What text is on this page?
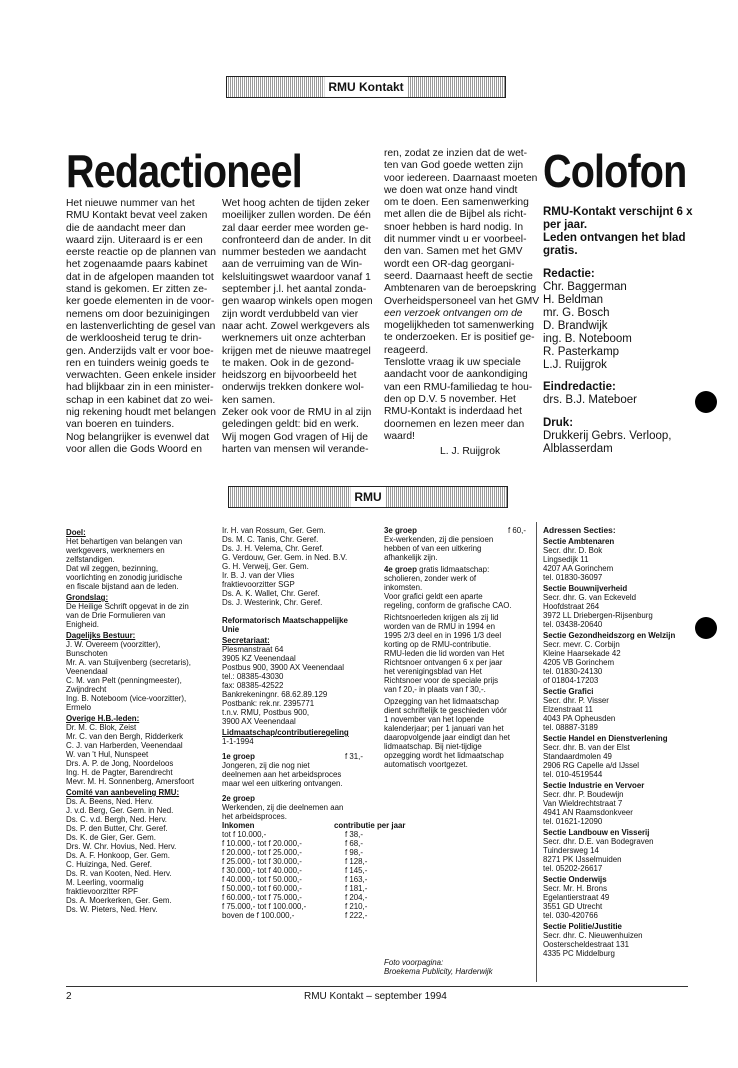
RMU Kontakt
Redactioneel

Het nieuwe nummer van het

RMU Kontakt bevat veel zaken

die de aandacht meer dan

waard zijn. Uiteraard is er een

eerste reactie op de plannen van

het zogenaamde paars kabinet

dat in de afgelopen maanden tot

stand is gekomen. Er zitten ze-

ker goede elementen in de voor-

nemens om door bezuinigingen

en lastenverlichting de gesel van

de werkloosheid terug te drin-

gen. Anderzijds valt er voor boe-

ren en tuinders weinig goeds te

verwachten. Geen enkele insider

had blijkbaar zin in een minister-

schap in een kabinet dat zo wei-

nig rekening houdt met belangen

van boeren en tuinders.

Nog belangrijker is evenwel dat

voor allen die Gods Woord en

Wet hoog achten de tijden zeker

moeilijker zullen worden. De één

zal daar eerder mee worden ge-

confronteerd dan de ander. In dit

nummer besteden we aandacht

aan de verruiming van de Win-

kelsluitingswet waardoor vanaf 1

september j.l. het aantal zonda-

gen waarop winkels open mogen

zijn wordt verdubbeld van vier

naar acht. Zowel werkgevers als

werknemers uit onze achterban

krijgen met de nieuwe maatregel

te maken. Ook in de gezond-

heidszorg en bijvoorbeeld het

onderwijs trekken donkere wol-

ken samen.

Zeker ook voor de RMU in al zijn

geledingen geldt: bid en werk.

Wij mogen God vragen of Hij de

harten van mensen wil verande-

ren, zodat ze inzien dat de wet-

ten van God goede wetten zijn

voor iedereen. Daarnaast moeten

we doen wat onze hand vindt

om te doen. Een samenwerking

met allen die de Bijbel als richt-

snoer hebben is hard nodig. In

dit nummer vindt u er voorbeel-

den van. Samen met het GMV

wordt een OR-dag georgani-

seerd. Daarnaast heeft de sectie

Ambtenaren van de beroepskring

Overheidspersoneel van het GMV

een verzoek ontvangen om de

mogelijkheden tot samenwerking

te onderzoeken. Er is positief ge-

reageerd.

Tenslotte vraag ik uw speciale

aandacht voor de aankondiging

van een RMU-familiedag te hou-

den op D.V. 5 november. Het

RMU-Kontakt is inderdaad het

doornemen en lezen meer dan

waard!

L. J. Ruijgrok
Colofon

RMU-Kontakt verschijnt 6 x

per jaar.

Leden ontvangen het blad

gratis.

Redactie:

Chr. Baggerman

H. Beldman

mr. G. Bosch

D. Brandwijk

ing. B. Noteboom

R. Pasterkamp

L.J. Ruijgrok

Eindredactie:

drs. B.J. Mateboer

Druk:

Drukkerij Gebrs. Verloop,

Alblasserdam

RMU

Doel:

Het behartigen van belangen van

werkgevers, werknemers en

zelfstandigen.

Dat wil zeggen, bezinning,

voorlichting en zonodig juridische

en fiscale bijstand aan de leden.

Grondslag:

De Heilige Schrift opgevat in de zin

van de Drie Formulieren van

Enigheid.

Dagelijks Bestuur:

J. W. Overeem (voorzitter),

Bunschoten

Mr. A. van Stuijvenberg (secretaris),

Veenendaal

C. M. van Pelt (penningmeester),

Zwijndrecht

Ing. B. Noteboom (vice-voorzitter),

Ermelo

Overige H.B.-leden:

Dr. M. C. Blok, Zeist

Mr. C. van den Bergh, Ridderkerk

C. J. van Harberden, Veenendaal

W. van 't Hul, Nunspeet

Drs. A. P. de Jong, Noordeloos

Ing. H. de Pagter, Barendrecht

Mevr. M. H. Sonnenberg, Amersfoort

Comité van aanbeveling RMU:

Ds. A. Beens, Ned. Herv.

J. v.d. Berg, Ger. Gem. in Ned.

Ds. C. v.d. Bergh, Ned. Herv.

Ds. P. den Butter, Chr. Geref.

Ds. K. de Gier, Ger. Gem.

Drs. W. Chr. Hovius, Ned. Herv.

Ds. A. F. Honkoop, Ger. Gem.

C. Huizinga, Ned. Geref.

Ds. R. van Kooten, Ned. Herv.

M. Leerling, voormalig

fraktievoorzitter RPF

Ds. A. Moerkerken, Ger. Gem.

Ds. W. Pieters, Ned. Herv.

Ir. H. van Rossum, Ger. Gem.

Ds. M. C. Tanis, Chr. Geref.

Ds. J. H. Velema, Chr. Geref.

G. Verdouw, Ger. Gem. in Ned. B.V.

G. H. Verweij, Ger. Gem.

Ir. B. J. van der Vlies

fraktievoorzitter SGP

Ds. A. K. Wallet, Chr. Geref.

Ds. J. Westerink, Chr. Geref.

Reformatorisch Maatschappelijke

Unie

Secretariaat:

Plesmanstraat 64

3905 KZ Veenendaal

Postbus 900, 3900 AX Veenendaal

tel.: 08385-43030

fax: 08385-42522

Bankrekeningnr. 68.62.89.129

Postbank: rek.nr. 2395771

t.n.v. RMU, Postbus 900,

3900 AX Veenendaal

Lidmaatschap/contributieregeling

1-1-1994

1e groep	f 31,-

Jongeren, zij die nog niet

deelnemen aan het arbeidsproces

maar wel een uitkering ontvangen.

2e groep

Werkenden, zij die deelnemen aan

het arbeidsproces.

Inkomen	contributie per jaar

tot f 10.000,-	f 38,-

f 10.000,- tot f 20.000,-	f 68,-

f 20.000,- tot f 25.000,-	f 98,-

f 25.000,- tot f 30.000,-	f 128,-

f 30.000,- tot f 40.000,-	f 145,-

f 40.000,- tot f 50.000,-	f 163,-

f 50.000,- tot f 60.000,-	f 181,-

f 60.000,- tot f 75.000,-	f 204,-

f 75.000,- tot f 100.000,-	f 210,-

boven de f 100.000,-	f 222,-

3e groep	f 60,-

Ex-werkenden, zij die pensioen

hebben of van een uitkering

afhankelijk zijn.

4e groep gratis lidmaatschap:

scholieren, zonder werk of

inkomsten.

Voor grafici geldt een aparte

regeling, conform de grafische CAO.

Richtsnoerleden krijgen als zij lid

worden van de RMU in 1994 en

1995 2/3 deel en in 1996 1/3 deel

korting op de RMU-contributie.

RMU-leden die lid worden van Het

Richtsnoer ontvangen 6 x per jaar

het verenigingsblad van Het

Richtsnoer voor de speciale prijs

van f 20,- in plaats van f 30,-.

Opzegging van het lidmaatschap

dient schriftelijk te geschieden vóór

1 november van het lopende

kalenderjaar; per 1 januari van het

daaropvolgende jaar eindigt dan het

lidmaatschap. Bij niet-tijdige

opzegging wordt het lidmaatschap

automatisch voortgezet.

Foto voorpagina:

Broekema Publicity, Harderwijk

Adressen Secties:

Sectie Ambtenaren

Secr. dhr. D. Bok

Lingsedijk 11

4207 AA Gorinchem

tel. 01830-36097

Sectie Bouwnijverheid

Secr. dhr. G. van Eckeveld

Hoofdstraat 264

3972 LL Driebergen-Rijsenburg

tel. 03438-20640

Sectie Gezondheidszorg en Welzijn

Secr. mevr. C. Corbijn

Kleine Haarsekade 42

4205 VB Gorinchem

tel. 01830-24130

of 01804-17203

Sectie Grafici

Secr. dhr. P. Visser

Elzenstraat 11

4043 PA Opheusden

tel. 08887-3189

Sectie Handel en Dienstverlening

Secr. dhr. B. van der Elst

Standaardmolen 49

2906 RG Capelle a/d IJssel

tel. 010-4519544

Sectie Industrie en Vervoer

Secr. dhr. P. Boudewijn

Van Wieldrechtstraat 7

4941 AN Raamsdonkveer

tel. 01621-12090

Sectie Landbouw en Visserij

Secr. dhr. D.E. van Bodegraven

Tuindersweg 14

8271 PK IJsselmuiden

tel. 05202-26617

Sectie Onderwijs

Secr. Mr. H. Brons

Egelantierstraat 49

3551 GD Utrecht

tel. 030-420766

Sectie Politie/Justitie

Secr. dhr. C. Nieuwenhuizen

Oosterscheldestraat 131

4335 PC Middelburg

2	RMU Kontakt – september 1994
